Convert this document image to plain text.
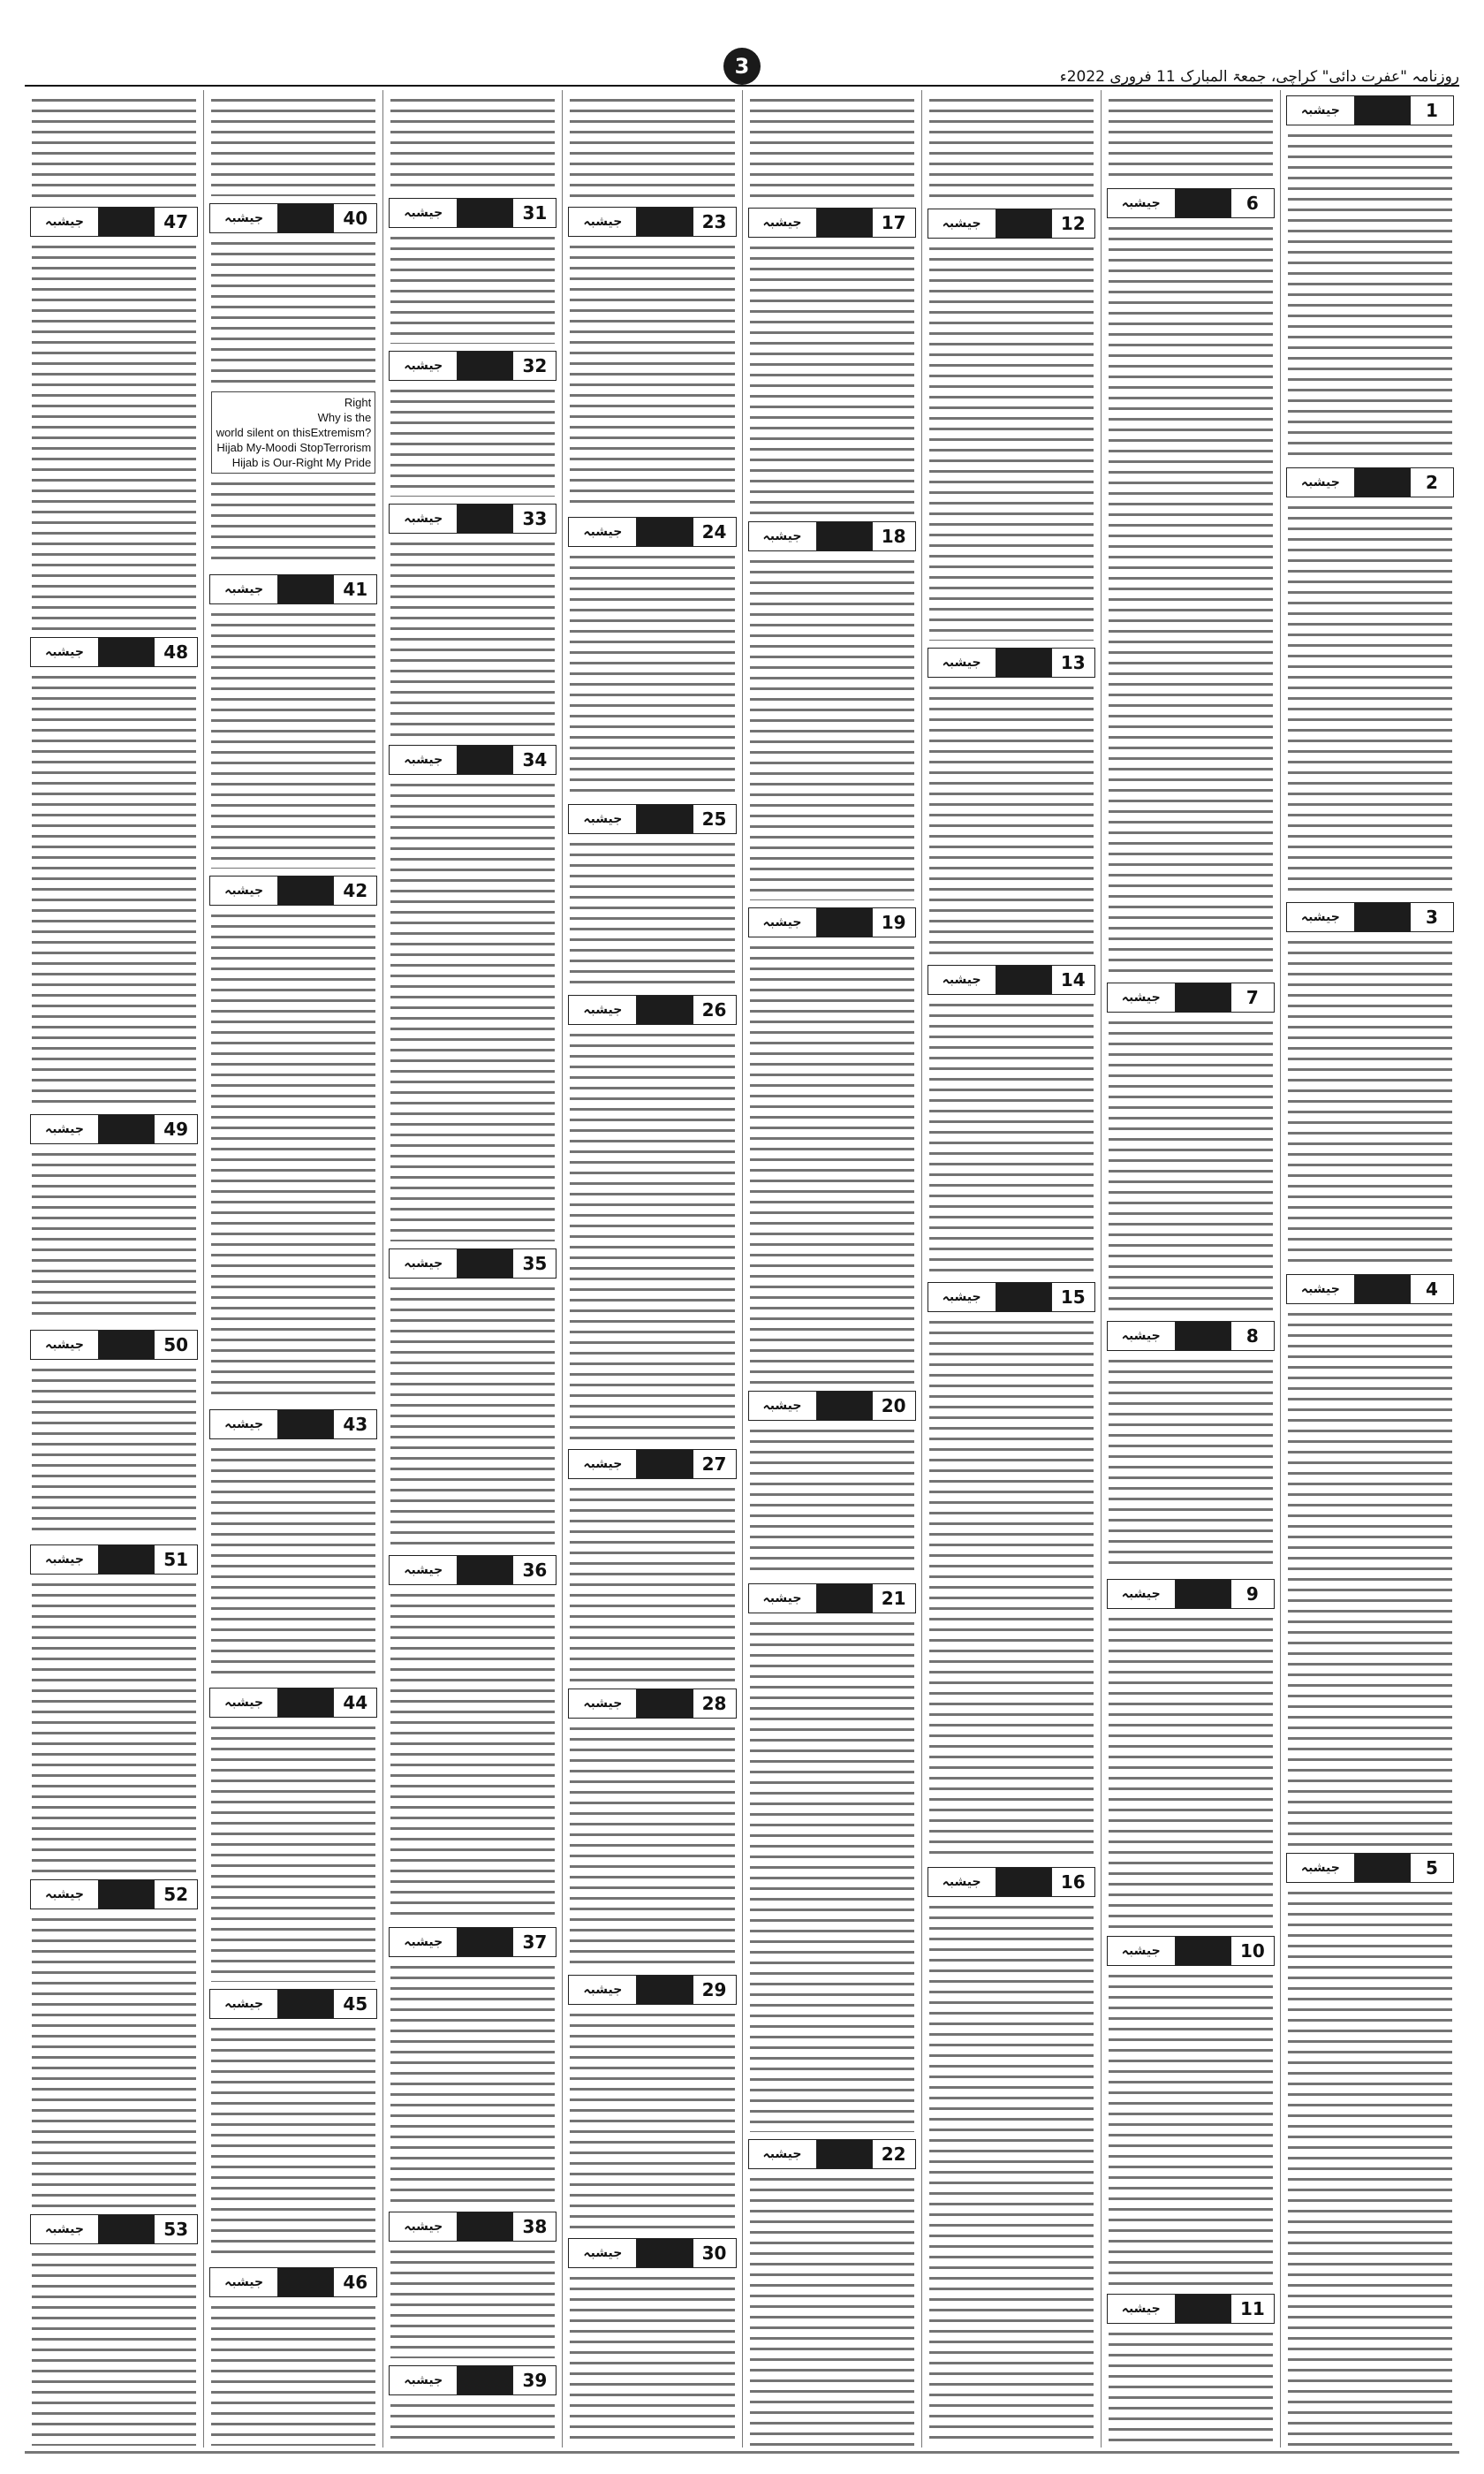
3	روزنامہ "عفرت دائی" کراچی، جمعۃ المبارک 11 فروری 2022ء
1
جیشبہ
2
جیشبہ
3
جیشبہ
4
جیشبہ
5
جیشبہ
6
جیشبہ
7
جیشبہ
8
جیشبہ
9
جیشبہ
10
جیشبہ
11
جیشبہ
12
جیشبہ
13
جیشبہ
14
جیشبہ
15
جیشبہ
16
جیشبہ
17
جیشبہ
18
جیشبہ
19
جیشبہ
20
جیشبہ
21
جیشبہ
22
جیشبہ
23
جیشبہ
24
جیشبہ
25
جیشبہ
26
جیشبہ
27
جیشبہ
28
جیشبہ
29
جیشبہ
30
جیشبہ
31
جیشبہ
32
جیشبہ
33
جیشبہ
34
جیشبہ
35
جیشبہ
36
جیشبہ
37
جیشبہ
38
جیشبہ
39
جیشبہ
40
جیشبہ
Right
Why is the
world silent on thisExtremism?
Hijab My-Moodi StopTerrorism
Hijab is Our-Right My Pride
41
جیشبہ
42
جیشبہ
43
جیشبہ
44
جیشبہ
45
جیشبہ
46
جیشبہ
47
جیشبہ
48
جیشبہ
49
جیشبہ
50
جیشبہ
51
جیشبہ
52
جیشبہ
53
جیشبہ
